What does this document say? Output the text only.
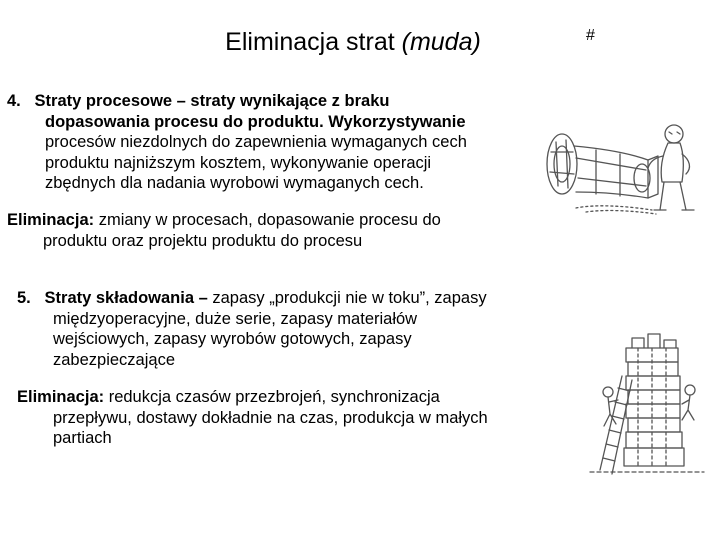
Eliminacja strat (muda)	#
4. Straty procesowe – straty wynikające z braku
dopasowania procesu do produktu. Wykorzystywanie
procesów niezdolnych do zapewnienia wymaganych cech
produktu najniższym kosztem, wykonywanie operacji
zbędnych dla nadania wyrobowi wymaganych cech.
Eliminacja: zmiany w procesach, dopasowanie procesu do
produktu oraz projektu produktu do procesu
5. Straty składowania – zapasy „produkcji nie w toku”, zapasy
międzyoperacyjne, duże serie, zapasy materiałów
wejściowych, zapasy wyrobów gotowych, zapasy
zabezpieczające
Eliminacja: redukcja czasów przezbrojeń, synchronizacja
przepływu, dostawy dokładnie na czas, produkcja w małych
partiach
